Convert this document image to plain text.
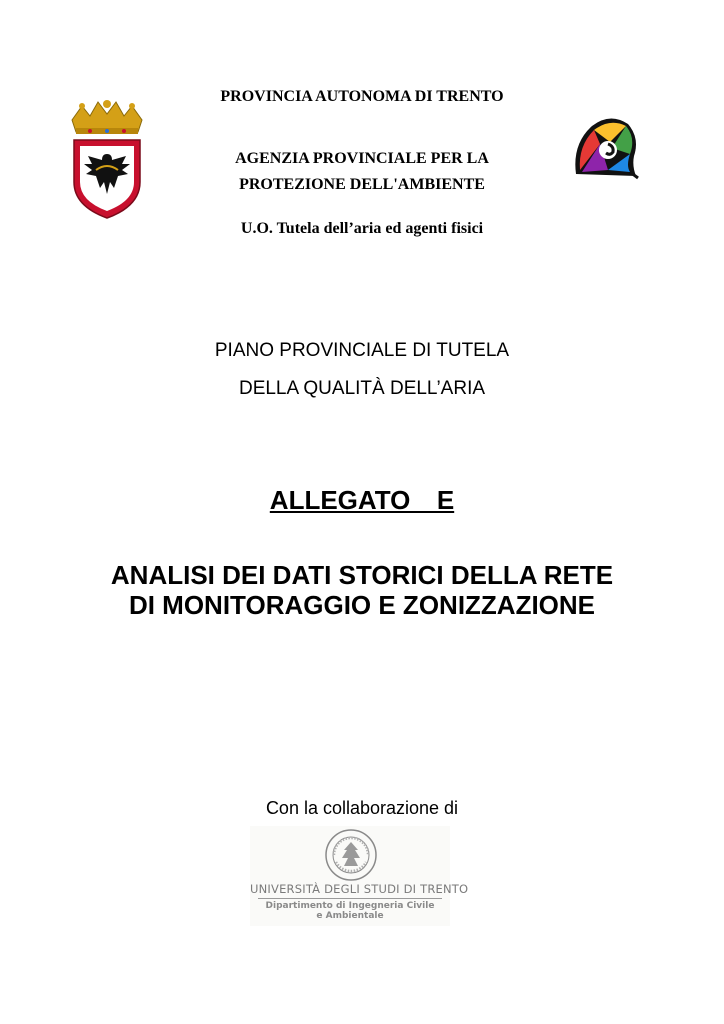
PROVINCIA AUTONOMA DI TRENTO
AGENZIA PROVINCIALE PER LA
PROTEZIONE DELL'AMBIENTE
U.O. Tutela dell’aria ed agenti fisici
PIANO PROVINCIALE DI TUTELA
DELLA QUALITÀ DELL’ARIA
ALLEGATO  E
ANALISI DEI DATI STORICI DELLA RETE
DI MONITORAGGIO E ZONIZZAZIONE
Con la collaborazione di
UNIVERSITÀ DEGLI STUDI DI TRENTO
Dipartimento di Ingegneria Civile
e Ambientale
